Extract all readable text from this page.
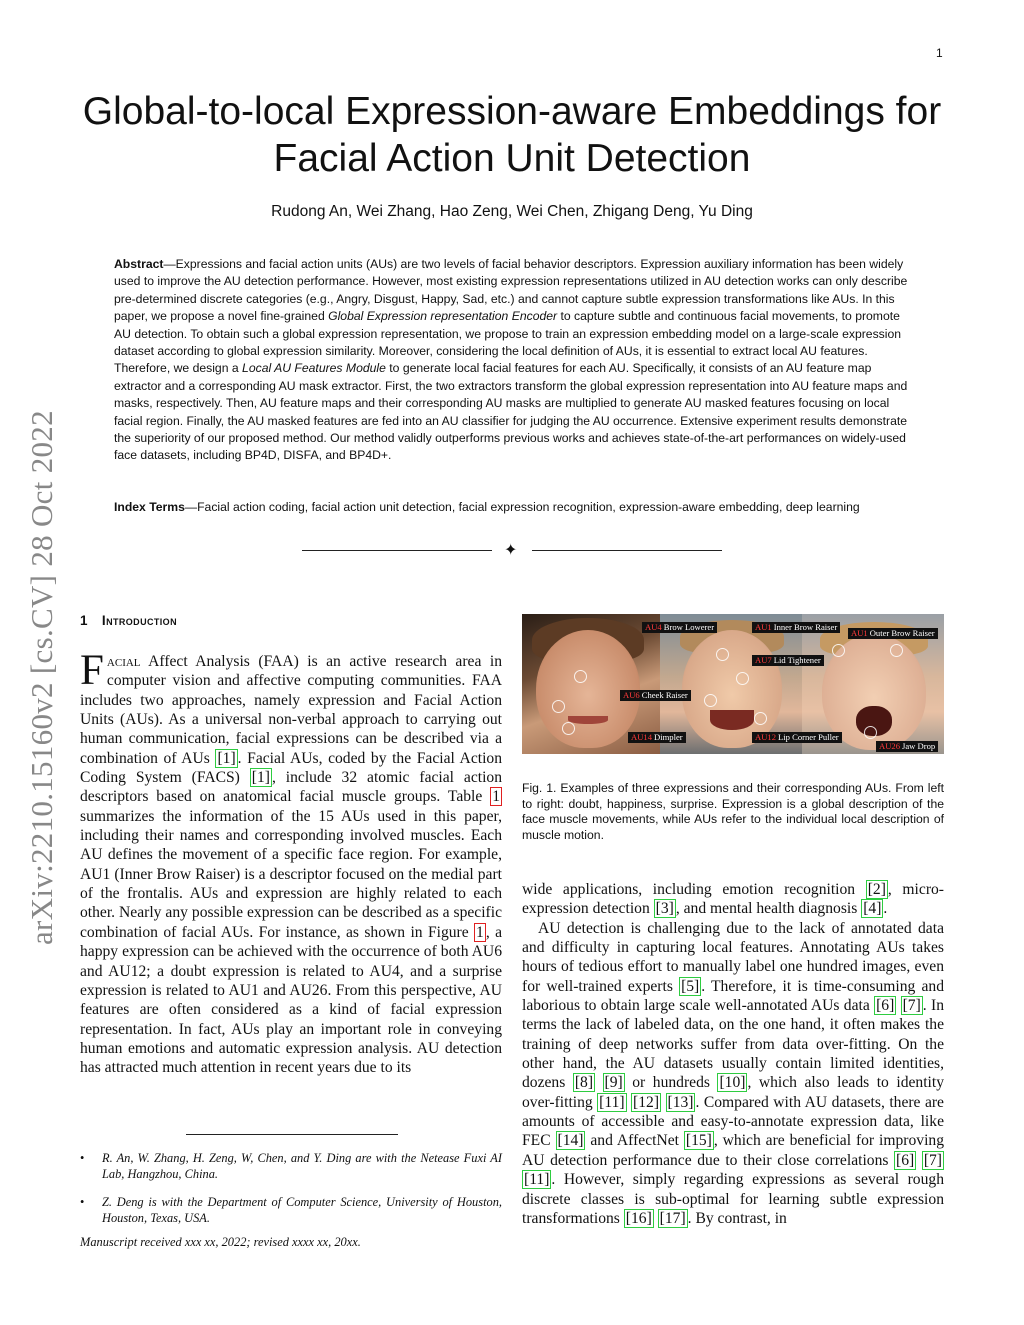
1
arXiv:2210.15160v2 [cs.CV] 28 Oct 2022
Global-to-local Expression-aware Embeddings for Facial Action Unit Detection
Rudong An, Wei Zhang, Hao Zeng, Wei Chen, Zhigang Deng, Yu Ding
Abstract—Expressions and facial action units (AUs) are two levels of facial behavior descriptors. Expression auxiliary information has been widely used to improve the AU detection performance. However, most existing expression representations utilized in AU detection works can only describe pre-determined discrete categories (e.g., Angry, Disgust, Happy, Sad, etc.) and cannot capture subtle expression transformations like AUs. In this paper, we propose a novel fine-grained Global Expression representation Encoder to capture subtle and continuous facial movements, to promote AU detection. To obtain such a global expression representation, we propose to train an expression embedding model on a large-scale expression dataset according to global expression similarity. Moreover, considering the local definition of AUs, it is essential to extract local AU features. Therefore, we design a Local AU Features Module to generate local facial features for each AU. Specifically, it consists of an AU feature map extractor and a corresponding AU mask extractor. First, the two extractors transform the global expression representation into AU feature maps and masks, respectively. Then, AU feature maps and their corresponding AU masks are multiplied to generate AU masked features focusing on local facial region. Finally, the AU masked features are fed into an AU classifier for judging the AU occurrence. Extensive experiment results demonstrate the superiority of our proposed method. Our method validly outperforms previous works and achieves state-of-the-art performances on widely-used face datasets, including BP4D, DISFA, and BP4D+.
Index Terms—Facial action coding, facial action unit detection, facial expression recognition, expression-aware embedding, deep learning
✦
1 Introduction

Facial Affect Analysis (FAA) is an active research area in computer vision and affective computing communities. FAA includes two approaches, namely expression and Facial Action Units (AUs). As a universal non-verbal approach to carrying out human communication, facial expressions can be described via a combination of AUs [1] . Facial AUs, coded by the Facial Action Coding System (FACS) [1] , include 32 atomic facial action descriptors based on anatomical facial muscle groups. Table 1 summarizes the information of the 15 AUs used in this paper, including their names and corresponding involved muscles. Each AU defines the movement of a specific face region. For example, AU1 (Inner Brow Raiser) is a descriptor focused on the medial part of the frontalis. AUs and expression are highly related to each other. Nearly any possible expression can be described as a specific combination of facial AUs. For instance, as shown in Figure 1 , a happy expression can be achieved with the occurrence of both AU6 and AU12; a doubt expression is related to AU4, and a surprise expression is related to AU1 and AU26. From this perspective, AU features are often considered as a kind of facial expression representation. In fact, AUs play an important role in conveying human emotions and automatic expression analysis. AU detection has attracted much attention in recent years due to its

AU4 Brow Lowerer	AU1 Inner Brow Raiser
AU1 Outer Brow Raiser
AU7 Lid Tightener
AU6 Cheek Raiser
AU14 Dimpler	AU12 Lip Corner Puller
AU26 Jaw Drop
Fig. 1. Examples of three expressions and their corresponding AUs. From left to right: doubt, happiness, surprise. Expression is a global description of the face muscle movements, while AUs refer to the individual local description of muscle motion.

wide applications, including emotion recognition [2] , micro-expression detection [3] , and mental health diagnosis [4] .

AU detection is challenging due to the lack of annotated data and difficulty in capturing local features. Annotating AUs takes hours of tedious effort to manually label one hundred images, even for well-trained experts [5] . Therefore, it is time-consuming and laborious to obtain large scale well-annotated AUs data [6] [7] . In terms the lack of labeled data, on the one hand, it often makes the training of deep networks suffer from data over-fitting. On the other hand, the AU datasets usually contain limited identities, dozens [8] [9] or hundreds [10] , which also leads to identity over-fitting [11] [12] [13] . Compared with AU datasets, there are amounts of accessible and easy-to-annotate expression data, like FEC [14] and AffectNet [15] , which are beneficial for improving AU detection performance due to their close correlations [6] [7] [11] . However, simply regarding expressions as several rough discrete classes is sub-optimal for learning subtle expression transformations [16] [17] . By contrast, in

• R. An, W. Zhang, H. Zeng, W, Chen, and Y. Ding are with the Netease Fuxi AI Lab, Hangzhou, China.
• Z. Deng is with the Department of Computer Science, University of Houston, Houston, Texas, USA.
Manuscript received xxx xx, 2022; revised xxxx xx, 20xx.
